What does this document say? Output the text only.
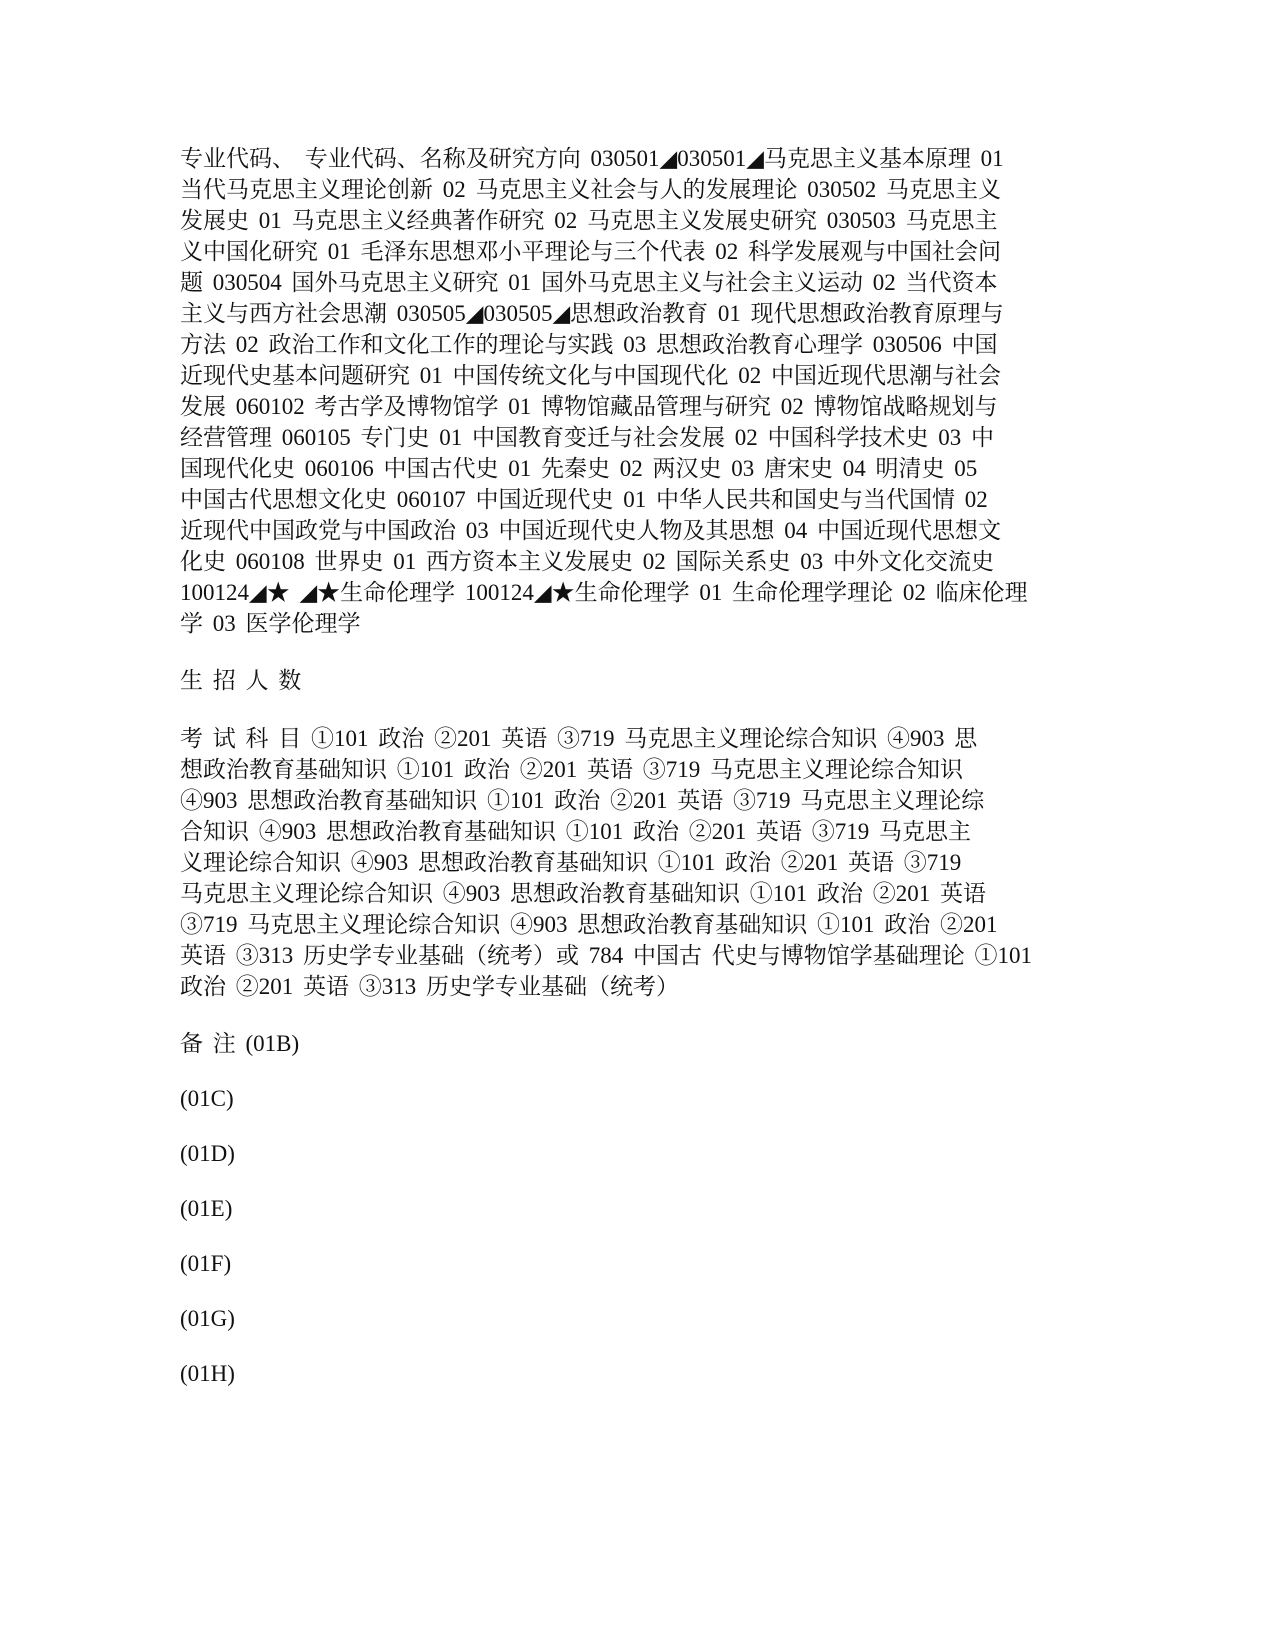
专业代码、 专业代码、名称及研究方向 030501◢030501◢马克思主义基本原理 01
当代马克思主义理论创新 02 马克思主义社会与人的发展理论 030502 马克思主义
发展史 01 马克思主义经典著作研究 02 马克思主义发展史研究 030503 马克思主
义中国化研究 01 毛泽东思想邓小平理论与三个代表 02 科学发展观与中国社会问
题 030504 国外马克思主义研究 01 国外马克思主义与社会主义运动 02 当代资本
主义与西方社会思潮 030505◢030505◢思想政治教育 01 现代思想政治教育原理与
方法 02 政治工作和文化工作的理论与实践 03 思想政治教育心理学 030506 中国
近现代史基本问题研究 01 中国传统文化与中国现代化 02 中国近现代思潮与社会
发展 060102 考古学及博物馆学 01 博物馆藏品管理与研究 02 博物馆战略规划与
经营管理 060105 专门史 01 中国教育变迁与社会发展 02 中国科学技术史 03 中
国现代化史 060106 中国古代史 01 先秦史 02 两汉史 03 唐宋史 04 明清史 05
中国古代思想文化史 060107 中国近现代史 01 中华人民共和国史与当代国情 02
近现代中国政党与中国政治 03 中国近现代史人物及其思想 04 中国近现代思想文
化史 060108 世界史 01 西方资本主义发展史 02 国际关系史 03 中外文化交流史
100124◢★ ◢★生命伦理学 100124◢★生命伦理学 01 生命伦理学理论 02 临床伦理
学 03 医学伦理学
生 招 人 数
考 试 科 目 ①101 政治 ②201 英语 ③719 马克思主义理论综合知识 ④903 思
想政治教育基础知识 ①101 政治 ②201 英语 ③719 马克思主义理论综合知识
④903 思想政治教育基础知识 ①101 政治 ②201 英语 ③719 马克思主义理论综
合知识 ④903 思想政治教育基础知识 ①101 政治 ②201 英语 ③719 马克思主
义理论综合知识 ④903 思想政治教育基础知识 ①101 政治 ②201 英语 ③719
马克思主义理论综合知识 ④903 思想政治教育基础知识 ①101 政治 ②201 英语
③719 马克思主义理论综合知识 ④903 思想政治教育基础知识 ①101 政治 ②201
英语 ③313 历史学专业基础（统考）或 784 中国古 代史与博物馆学基础理论 ①101
政治 ②201 英语 ③313 历史学专业基础（统考）
备 注 (01B)
(01C)
(01D)
(01E)
(01F)
(01G)
(01H)
